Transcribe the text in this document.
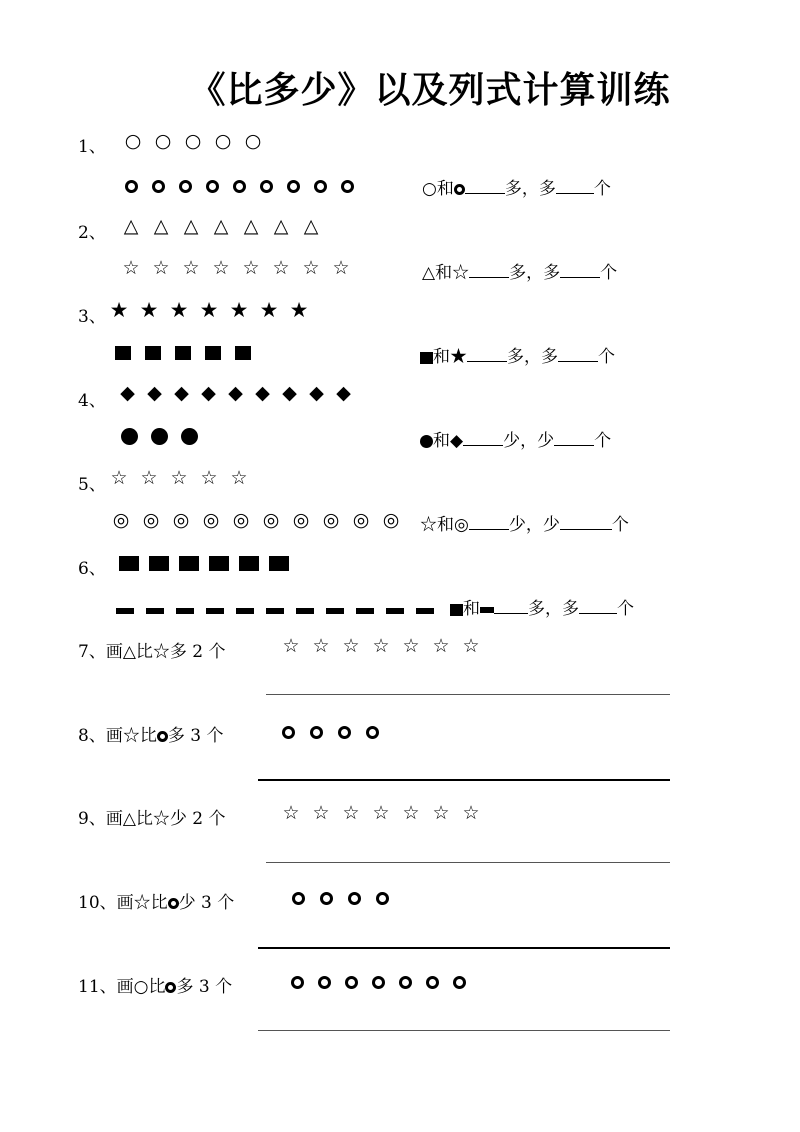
《比多少》以及列式计算训练
1、 ○ ○ ○ ○ ○
○和	多，多 个
2、 △ △ △ △ △ △ △
☆ ☆ ☆ ☆ ☆ ☆ ☆ ☆	△和☆ 多，多 个
3、 ★ ★ ★ ★ ★ ★ ★
和★ 多，多 个
4、 ◆ ◆ ◆ ◆ ◆ ◆ ◆ ◆ ◆
和◆ 少，少 个
5、 ☆ ☆ ☆ ☆ ☆
◎ ◎ ◎ ◎ ◎ ◎ ◎ ◎ ◎ ◎	☆和◎ 少，少	个
6、
和	多，多 个
7、画△比☆多 2 个	☆ ☆ ☆ ☆ ☆ ☆ ☆
8、画☆比 多 3 个
9、画△比☆少 2 个	☆ ☆ ☆ ☆ ☆ ☆ ☆
10、画☆比 少 3 个
11、画○比 多 3 个
